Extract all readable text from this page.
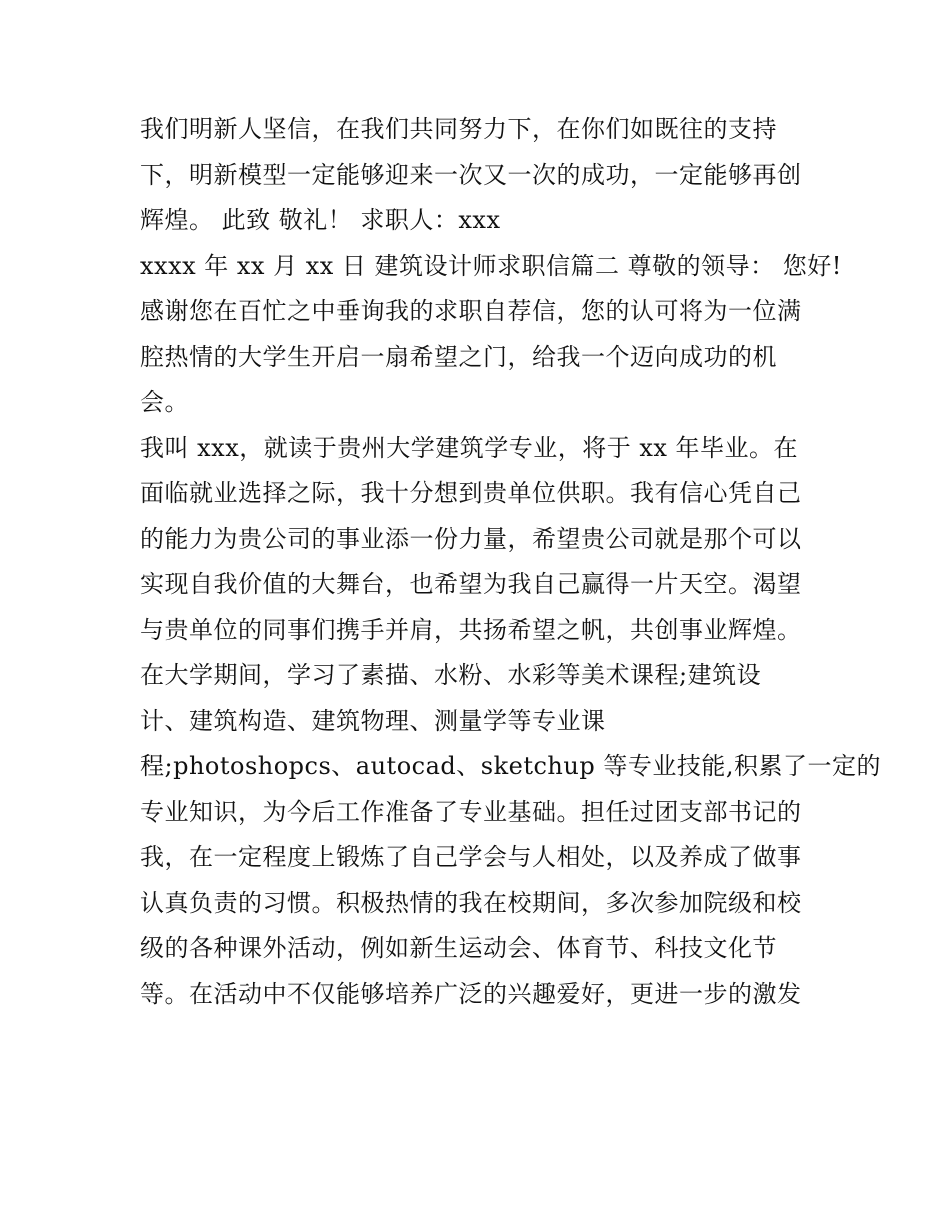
我们明新人坚信，在我们共同努力下，在你们如既往的支持
下，明新模型一定能够迎来一次又一次的成功，一定能够再创
辉煌。 此致 敬礼！ 求职人：xxx
xxxx 年 xx 月 xx 日 建筑设计师求职信篇二 尊敬的领导： 您好!
感谢您在百忙之中垂询我的求职自荐信，您的认可将为一位满
腔热情的大学生开启一扇希望之门，给我一个迈向成功的机
会。
我叫 xxx，就读于贵州大学建筑学专业，将于 xx 年毕业。在
面临就业选择之际，我十分想到贵单位供职。我有信心凭自己
的能力为贵公司的事业添一份力量，希望贵公司就是那个可以
实现自我价值的大舞台，也希望为我自己赢得一片天空。渴望
与贵单位的同事们携手并肩，共扬希望之帆，共创事业辉煌。
在大学期间，学习了素描、水粉、水彩等美术课程;建筑设
计、建筑构造、建筑物理、测量学等专业课
程;photoshopcs、autocad、sketchup 等专业技能,积累了一定的
专业知识，为今后工作准备了专业基础。担任过团支部书记的
我，在一定程度上锻炼了自己学会与人相处，以及养成了做事
认真负责的习惯。积极热情的我在校期间，多次参加院级和校
级的各种课外活动，例如新生运动会、体育节、科技文化节
等。在活动中不仅能够培养广泛的兴趣爱好，更进一步的激发
